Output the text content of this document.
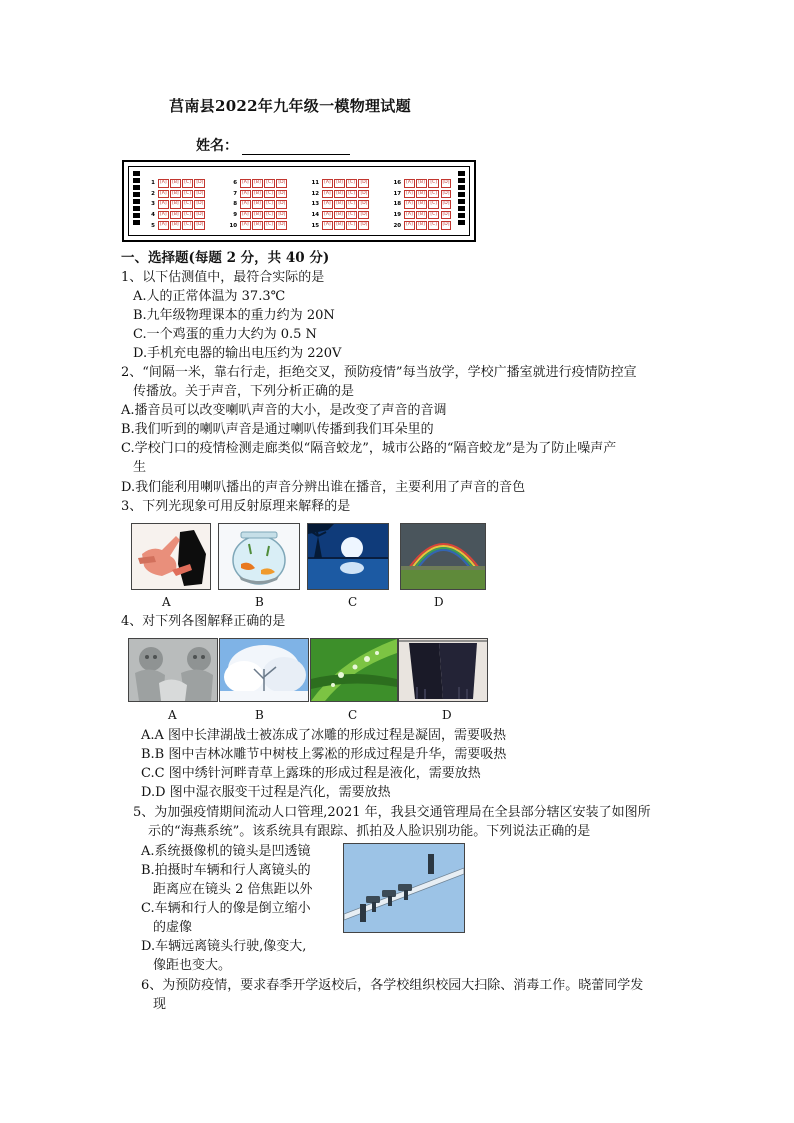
莒南县2022年九年级一模物理试题
姓名：
1	[A]	[B]	[C]	[D]
2	[A]	[B]	[C]	[D]
3	[A]	[B]	[C]	[D]
4	[A]	[B]	[C]	[D]
5	[A]	[B]	[C]	[D]
6	[A]	[B]	[C]	[D]
7	[A]	[B]	[C]	[D]
8	[A]	[B]	[C]	[D]
9	[A]	[B]	[C]	[D]
10	[A]	[B]	[C]	[D]
11	[A]	[B]	[C]	[D]
12	[A]	[B]	[C]	[D]
13	[A]	[B]	[C]	[D]
14	[A]	[B]	[C]	[D]
15	[A]	[B]	[C]	[D]
16	[A]	[B]	[C]	[D]
17	[A]	[B]	[C]	[D]
18	[A]	[B]	[C]	[D]
19	[A]	[B]	[C]	[D]
20	[A]	[B]	[C]	[D]
一、选择题(每题 2 分，共 40 分)
1、以下估测值中，最符合实际的是
A.人的正常体温为 37.3℃
B.九年级物理课本的重力约为 20N
C.一个鸡蛋的重力大约为 0.5 N
D.手机充电器的输出电压约为 220V
2、“间隔一米，靠右行走，拒绝交叉，预防疫情”每当放学，学校广播室就进行疫情防控宣
传播放。关于声音，下列分析正确的是
A.播音员可以改变喇叭声音的大小，是改变了声音的音调
B.我们听到的喇叭声音是通过喇叭传播到我们耳朵里的
C.学校门口的疫情检测走廊类似“隔音蛟龙”，城市公路的“隔音蛟龙”是为了防止噪声产
生
D.我们能利用喇叭播出的声音分辨出谁在播音，主要利用了声音的音色
3、下列光现象可用反射原理来解释的是
A	B	C	D
4、对下列各图解释正确的是
A	B	C	D
A.A 图中长津湖战士被冻成了冰雕的形成过程是凝固，需要吸热
B.B 图中吉林冰雕节中树枝上雾凇的形成过程是升华，需要吸热
C.C 图中绣针河畔青草上露珠的形成过程是液化，需要放热
D.D 图中湿衣服变干过程是汽化，需要放热
5、为加强疫情期间流动人口管理,2021 年，我县交通管理局在全县部分辖区安装了如图所
示的“海燕系统”。该系统具有跟踪、抓拍及人脸识别功能。下列说法正确的是
A.系统摄像机的镜头是凹透镜
B.拍摄时车辆和行人离镜头的
距离应在镜头 2 倍焦距以外
C.车辆和行人的像是倒立缩小
的虚像
D.车辆远离镜头行驶,像变大,
像距也变大。
6、为预防疫情，要求春季开学返校后，各学校组织校园大扫除、消毒工作。晓蕾同学发
现
